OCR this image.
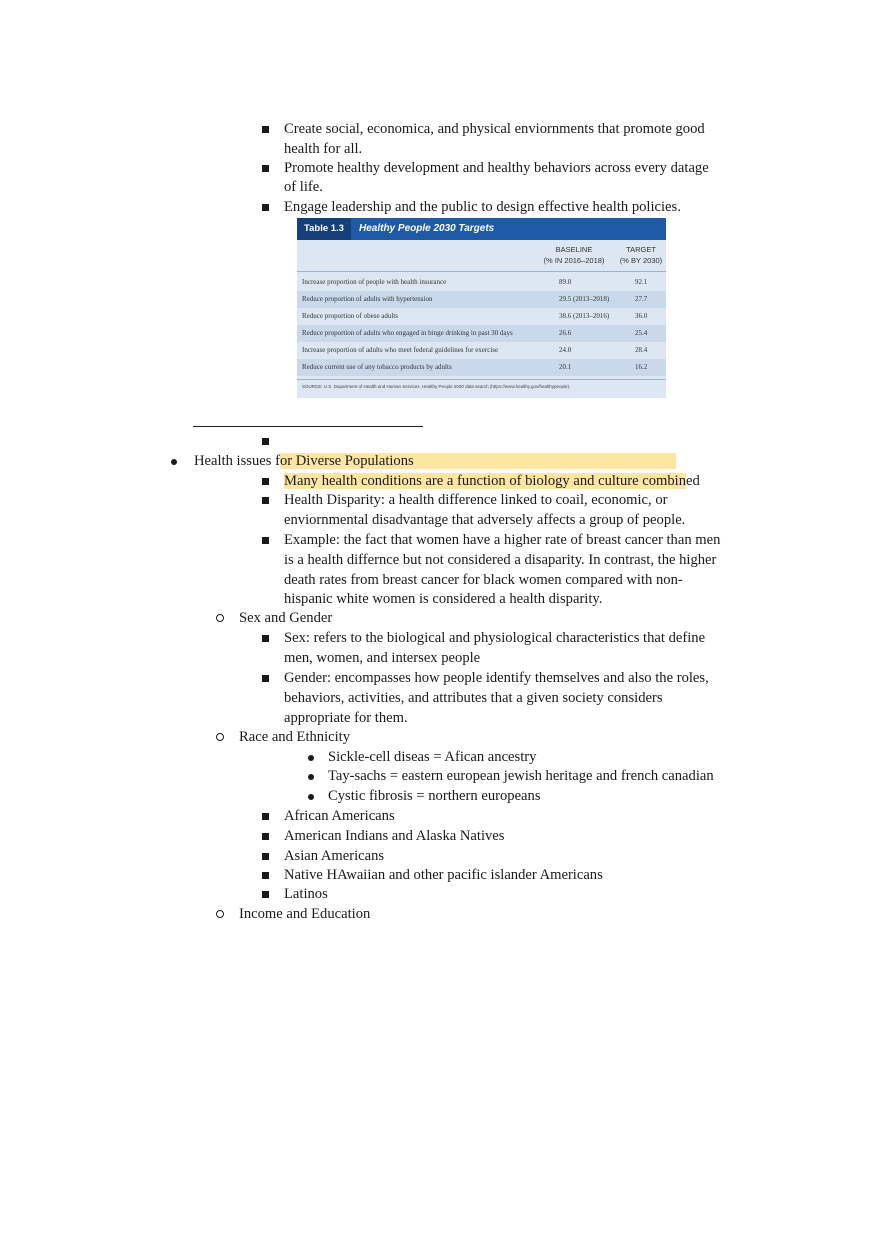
Create social, economica, and physical enviornments that promote good
health for all.
Promote healthy development and healthy behaviors across every datage
of life.
Engage leadership and the public to design effective health policies.
Table 1.3	Healthy People 2030 Targets
BASELINE
(% IN 2016–2018)
TARGET
(% BY 2030)
Increase proportion of people with health insurance	89.0	92.1
Reduce proportion of adults with hypertension	29.5 (2013–2018)	27.7
Reduce proportion of obese adults	38.6 (2013–2016)	36.0
Reduce proportion of adults who engaged in binge drinking in past 30 days	26.6	25.4
Increase proportion of adults who meet federal guidelines for exercise	24.0	28.4
Reduce current use of any tobacco products by adults	20.1	16.2
SOURCE: U.S. Department of Health and Human Services. Healthy People 2030 data search (https://www.healthy.gov/healthypeople).
Health issues for Diverse Populations
Many health conditions are a function of biology and culture combined
Health Disparity: a health difference linked to coail, economic, or
enviornmental disadvantage that adversely affects a group of people.
Example: the fact that women have a higher rate of breast cancer than men
is a health differnce but not considered a disaparity. In contrast, the higher
death rates from breast cancer for black women compared with non-
hispanic white women is considered a health disparity.
Sex and Gender
Sex: refers to the biological and physiological characteristics that define
men, women, and intersex people
Gender: encompasses how people identify themselves and also the roles,
behaviors, activities, and attributes that a given society considers
appropriate for them.
Race and Ethnicity
Sickle-cell diseas = Afican ancestry
Tay-sachs = eastern european jewish heritage and french canadian
Cystic fibrosis = northern europeans
African Americans
American Indians and Alaska Natives
Asian Americans
Native HAwaiian and other pacific islander Americans
Latinos
Income and Education
